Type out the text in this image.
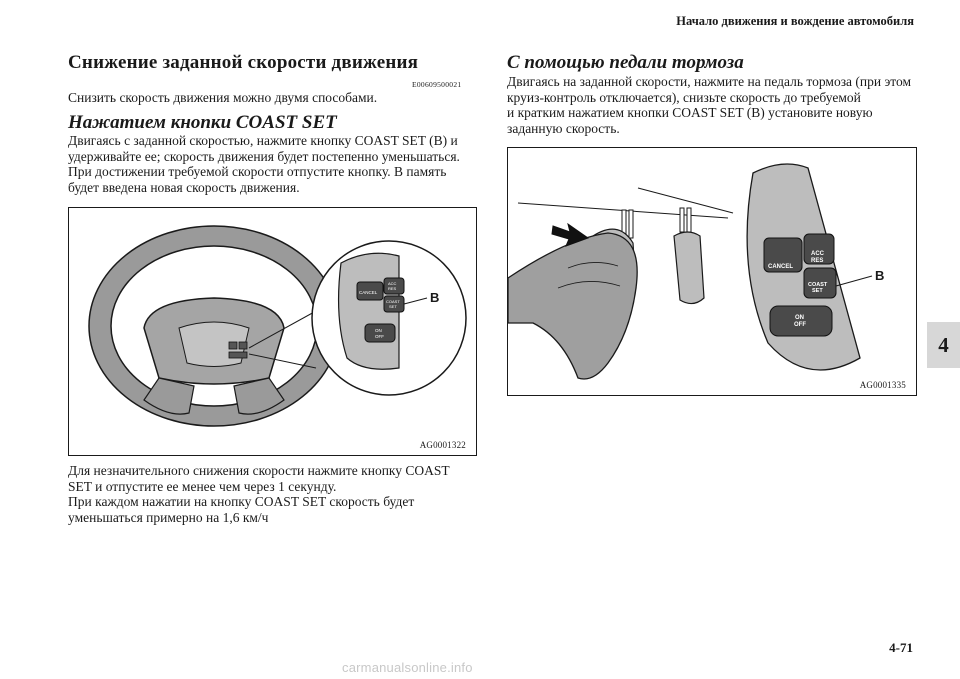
Начало движения и вождение автомобиля
Снижение заданной скорости движения
E00609500021
Снизить скорость движения можно двумя способами.
Нажатием кнопки COAST SET
Двигаясь с заданной скоростью, нажмите кнопку COAST SET (B) и
удерживайте ее; скорость движения будет постепенно уменьшаться.
При достижении требуемой скорости отпустите кнопку. В память
будет введена новая скорость движения.
CANCEL
ACC
RES
COAST
SET
ON
OFF
B
AG0001322
Для незначительного снижения скорости нажмите кнопку COAST
SET и отпустите ее менее чем через 1 секунду.
При каждом нажатии на кнопку COAST SET скорость будет
уменьшаться примерно на 1,6 км/ч
С помощью педали тормоза
Двигаясь на заданной скорости, нажмите на педаль тормоза (при этом
круиз-контроль отключается), снизьте скорость до требуемой
и кратким нажатием кнопки COAST SET (B) установите новую
заданную скорость.
CANCEL
ACC
RES
COAST
SET
ON
OFF
B
AG0001335
4
4-71
carmanualsonline.info
